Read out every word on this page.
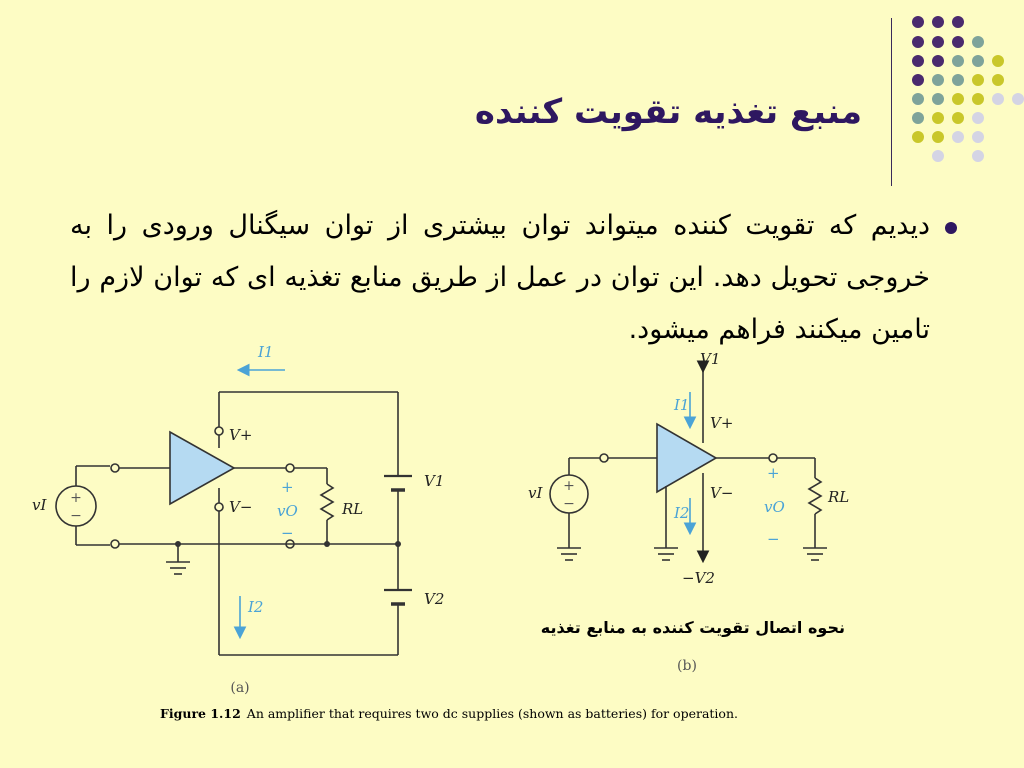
منبع تغذیه تقویت کننده
دیدیم که تقویت کننده میتواند توان بیشتری از توان سیگنال ورودی را به خروجی تحویل دهد. این توان در عمل از طریق منابع تغذیه ای که توان لازم را تامین میکنند فراهم میشود.
+
−
I1
I2
V+
V−
V1
V2
vI	RL
+
vO
−
(a)
+
−
V1
−V2
I1
I2
V+
V−
vI	RL
+
vO
−
(b)
نحوه اتصال تقویت کننده به منابع تغذیه
Figure 1.12 An amplifier that requires two dc supplies (shown as batteries) for operation.
